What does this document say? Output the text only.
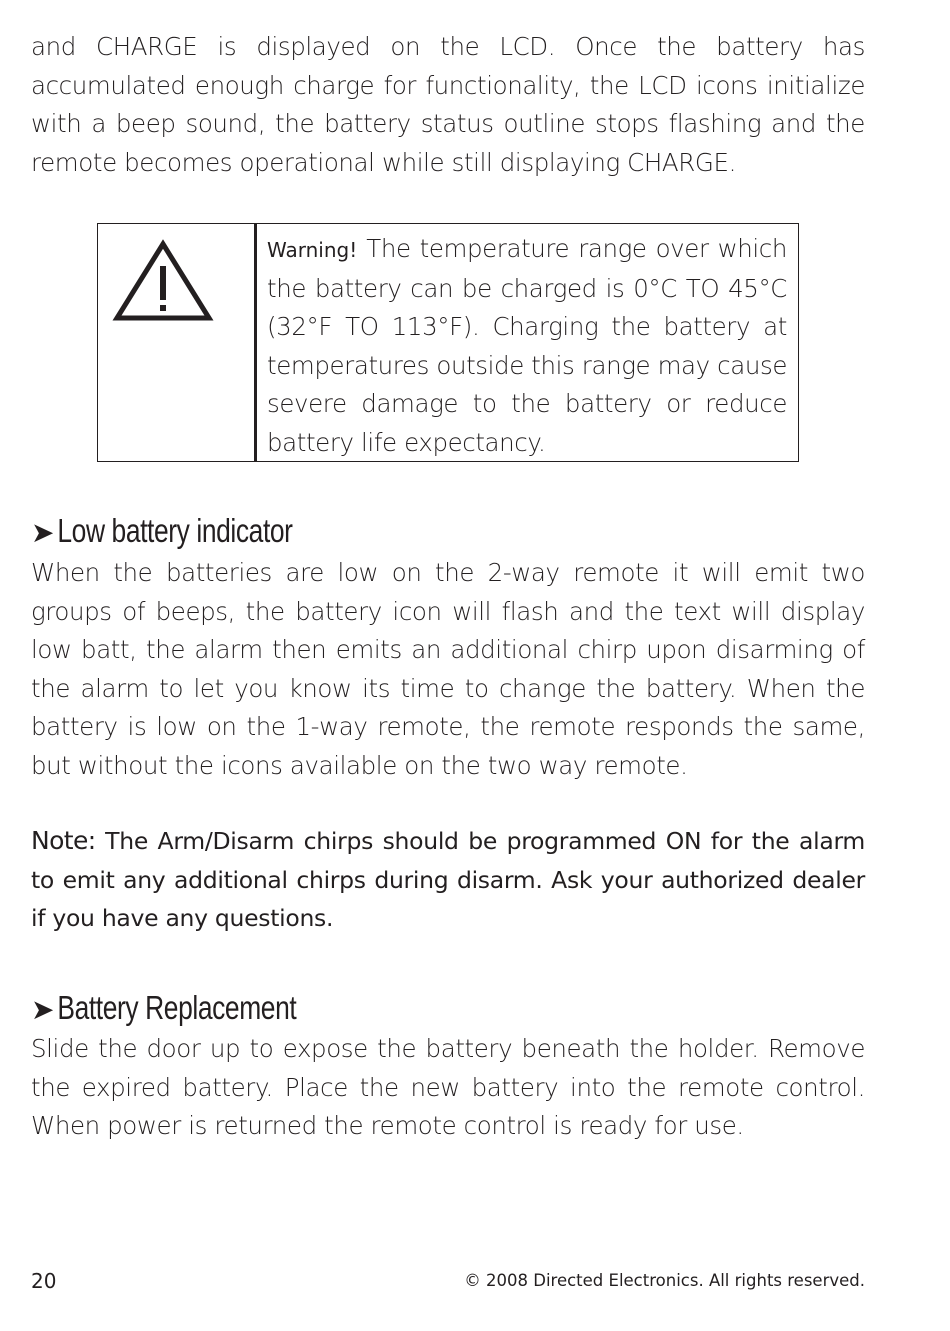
and CHARGE is displayed on the LCD. Once the battery has accumulated enough charge for functionality, the LCD icons initialize with a beep sound, the battery status outline stops flashing and the remote becomes operational while still displaying CHARGE.

Warning! The temperature range over which the battery can be charged is 0°C TO 45°C (32°F TO 113°F). Charging the battery at temperatures outside this range may cause severe damage to the battery or reduce battery life expectancy.
➤ Low battery indicator

When the batteries are low on the 2-way remote it will emit two groups of beeps, the battery icon will flash and the text will display low batt, the alarm then emits an additional chirp upon disarming of the alarm to let you know its time to change the battery. When the battery is low on the 1-way remote, the remote responds the same, but without the icons available on the two way remote.

Note: The Arm/Disarm chirps should be programmed ON for the alarm to emit any additional chirps during disarm. Ask your authorized dealer if you have any questions.
➤ Battery Replacement

Slide the door up to expose the battery beneath the holder. Remove the expired battery. Place the new battery into the remote control. When power is returned the remote control is ready for use.

20	© 2008 Directed Electronics. All rights reserved.
